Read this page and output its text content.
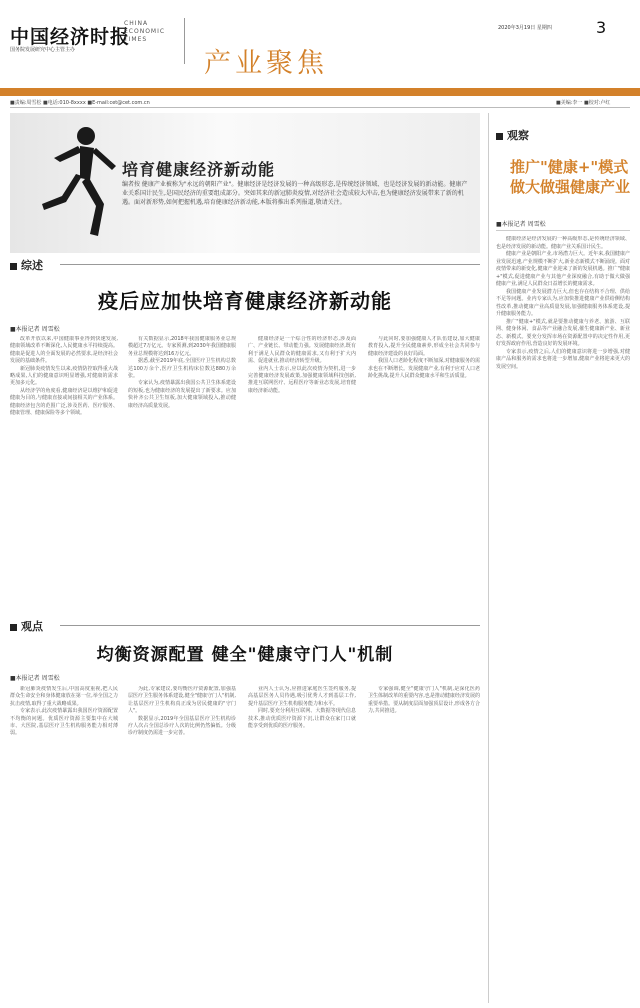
中国经济时报
国务院发展研究中心主管主办
CHINA
ECONOMIC
TIMES
产业聚焦
2020年3月19日 星期四	3
■责编:周雪松 ■电话:010-8xxxx ■E-mail:cet@cet.com.cn	■美编:李一 ■校对:卢红
培育健康经济新动能
编者按 健康产业被称为"永远的朝阳产业"。健康经济是经济发展的一种高级形态,是传统经济领域、也是经济发展的新动能。健康产业关系国计民生,是国民经济的重要组成部分。突如其来的新冠肺炎疫情,对经济社会造成较大冲击,也为健康经济发展带来了新的机遇。面对新形势,如何把握机遇,培育健康经济新动能,本版将推出系列报道,敬请关注。
观察
推广"健康+"模式
做大做强健康产业
■本报记者 周雪松

健康经济是经济发展的一种高级形态,是传统经济领域、也是经济发展的新动能。健康产业关系国计民生。

健康产业是朝阳产业,市场潜力巨大。近年来,我国健康产业发展迅速,产业规模不断扩大,新业态新模式不断涌现。面对疫情带来的新变化,健康产业迎来了新的发展机遇。推广"健康+"模式,促进健康产业与其他产业深度融合,有助于做大做强健康产业,满足人民群众日益增长的健康需求。

我国健康产业发展潜力巨大,但也存在结构不合理、供给不足等问题。业内专家认为,应加快推进健康产业供给侧结构性改革,推动健康产业高质量发展,加强健康服务体系建设,提升健康服务能力。

推广"健康+"模式,就是要推动健康与养老、旅游、互联网、健身休闲、食品等产业融合发展,催生健康新产业、新业态、新模式。要充分发挥市场在资源配置中的决定性作用,更好发挥政府作用,营造良好的发展环境。

专家表示,疫情之后,人们的健康意识将进一步增强,对健康产品和服务的需求也将进一步增加,健康产业将迎来更大的发展空间。

综述
疫后应加快培育健康经济新动能
■本报记者 周雪松

改革开放以来,中国健康事业得到快速发展,健康领域改革不断深化,人民健康水平持续提高。健康是促进人的全面发展的必然要求,是经济社会发展的基础条件。

新冠肺炎疫情发生以来,疫情防控取得重大战略成果,人们的健康意识明显增强,对健康的需求更加多元化。

从经济学的角度看,健康经济是以维护和促进健康为目的,与健康直接或间接相关的产业体系。健康经济包含的范围广泛,涉及医药、医疗服务、健康管理、健康保险等多个领域。

有关数据显示,2018年我国健康服务业总规模超过7万亿元。专家预测,到2030年我国健康服务业总规模将达到16万亿元。

据悉,截至2019年底,全国医疗卫生机构总数达100万余个,医疗卫生机构床位数达880万余张。

专家认为,疫情暴露出我国公共卫生体系建设的短板,也为健康经济的发展提出了新要求。应加快补齐公共卫生短板,加大健康领域投入,推动健康经济高质量发展。

健康经济是一个综合性的经济形态,涉及面广、产业链长、带动能力强。发展健康经济,既有利于满足人民群众的健康需求,又有利于扩大内需、促进就业,推动经济转型升级。

业内人士表示,应以此次疫情为契机,进一步完善健康经济发展政策,加强健康领域科技创新,推进互联网医疗、远程医疗等新业态发展,培育健康经济新动能。

与此同时,要加强健康人才队伍建设,加大健康教育投入,提升全民健康素养,形成全社会共同参与健康经济建设的良好局面。

我国人口老龄化程度不断加深,对健康服务的需求也在不断增长。发展健康产业,有利于应对人口老龄化挑战,提升人民群众健康水平和生活质量。

观点
均衡资源配置 健全"健康守门人"机制
■本报记者 周雪松

新冠肺炎疫情发生后,中国高度重视,把人民群众生命安全和身体健康放在第一位,举全国之力抗击疫情,取得了重大战略成果。

专家表示,此次疫情暴露出我国医疗资源配置不均衡的问题。优质医疗资源主要集中在大城市、大医院,基层医疗卫生机构服务能力相对薄弱。

为此,专家建议,要均衡医疗资源配置,加强基层医疗卫生服务体系建设,健全"健康守门人"机制,让基层医疗卫生机构真正成为居民健康的"守门人"。

数据显示,2019年全国基层医疗卫生机构诊疗人次占全国总诊疗人次的比例仍然偏低。分级诊疗制度仍需进一步完善。

业内人士认为,应推进家庭医生签约服务,提高基层医务人员待遇,吸引优秀人才到基层工作,提升基层医疗卫生机构服务能力和水平。

同时,要充分利用互联网、大数据等现代信息技术,推动优质医疗资源下沉,让群众在家门口就能享受到优质的医疗服务。

专家强调,健全"健康守门人"机制,是深化医药卫生体制改革的重要内容,也是推动健康经济发展的重要举措。要从制度层面加强顶层设计,形成各方合力,共同推进。
